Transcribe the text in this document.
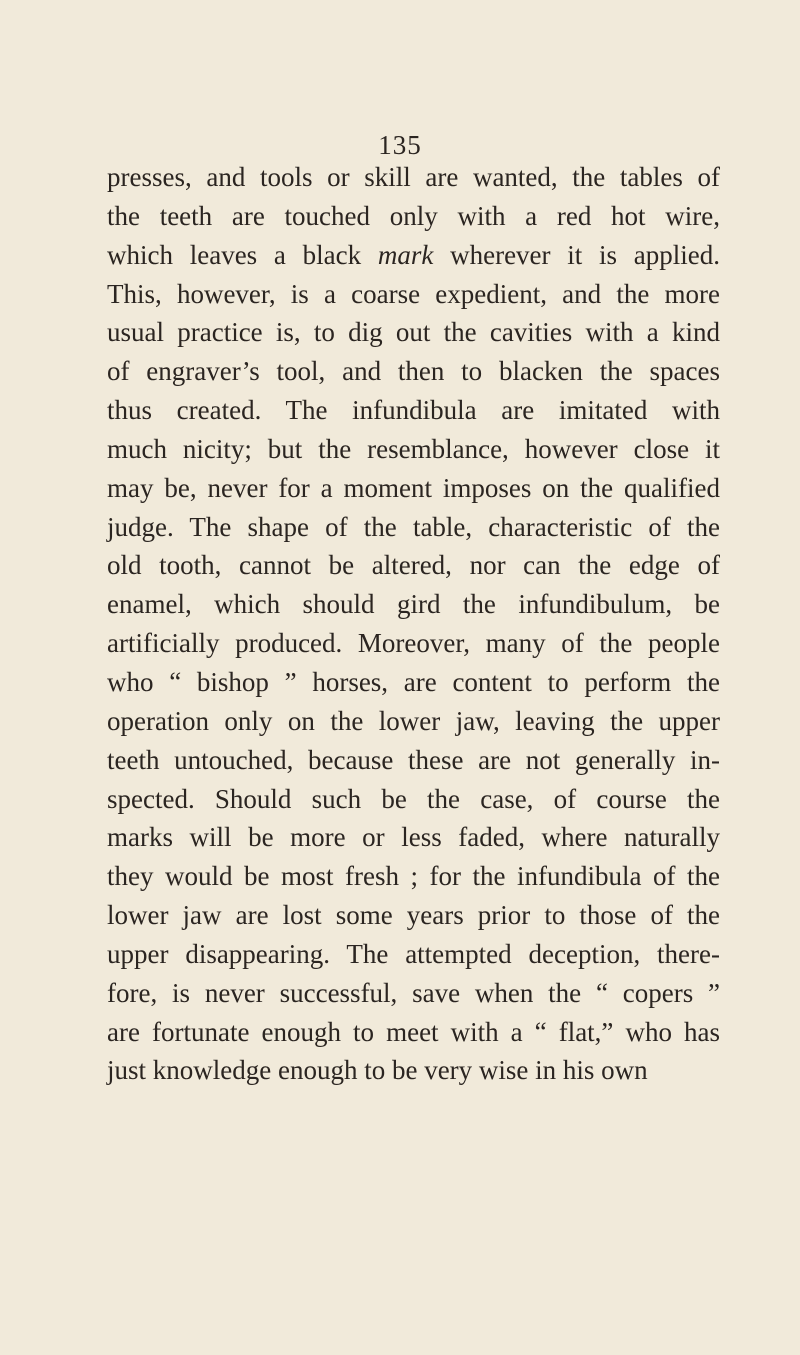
135
presses, and tools or skill are wanted, the tables of
the teeth are touched only with a red hot wire,
which leaves a black mark wherever it is applied.
This, however, is a coarse expedient, and the more
usual practice is, to dig out the cavities with a kind
of engraver’s tool, and then to blacken the spaces
thus created. The infundibula are imitated with
much nicity; but the resemblance, however close it
may be, never for a moment imposes on the qualified
judge. The shape of the table, characteristic of the
old tooth, cannot be altered, nor can the edge of
enamel, which should gird the infundibulum, be
artificially produced. Moreover, many of the people
who “ bishop ” horses, are content to perform the
operation only on the lower jaw, leaving the upper
teeth untouched, because these are not generally in-
spected. Should such be the case, of course the
marks will be more or less faded, where naturally
they would be most fresh ; for the infundibula of the
lower jaw are lost some years prior to those of the
upper disappearing. The attempted deception, there-
fore, is never successful, save when the “ copers ”
are fortunate enough to meet with a “ flat,” who has
just knowledge enough to be very wise in his own
